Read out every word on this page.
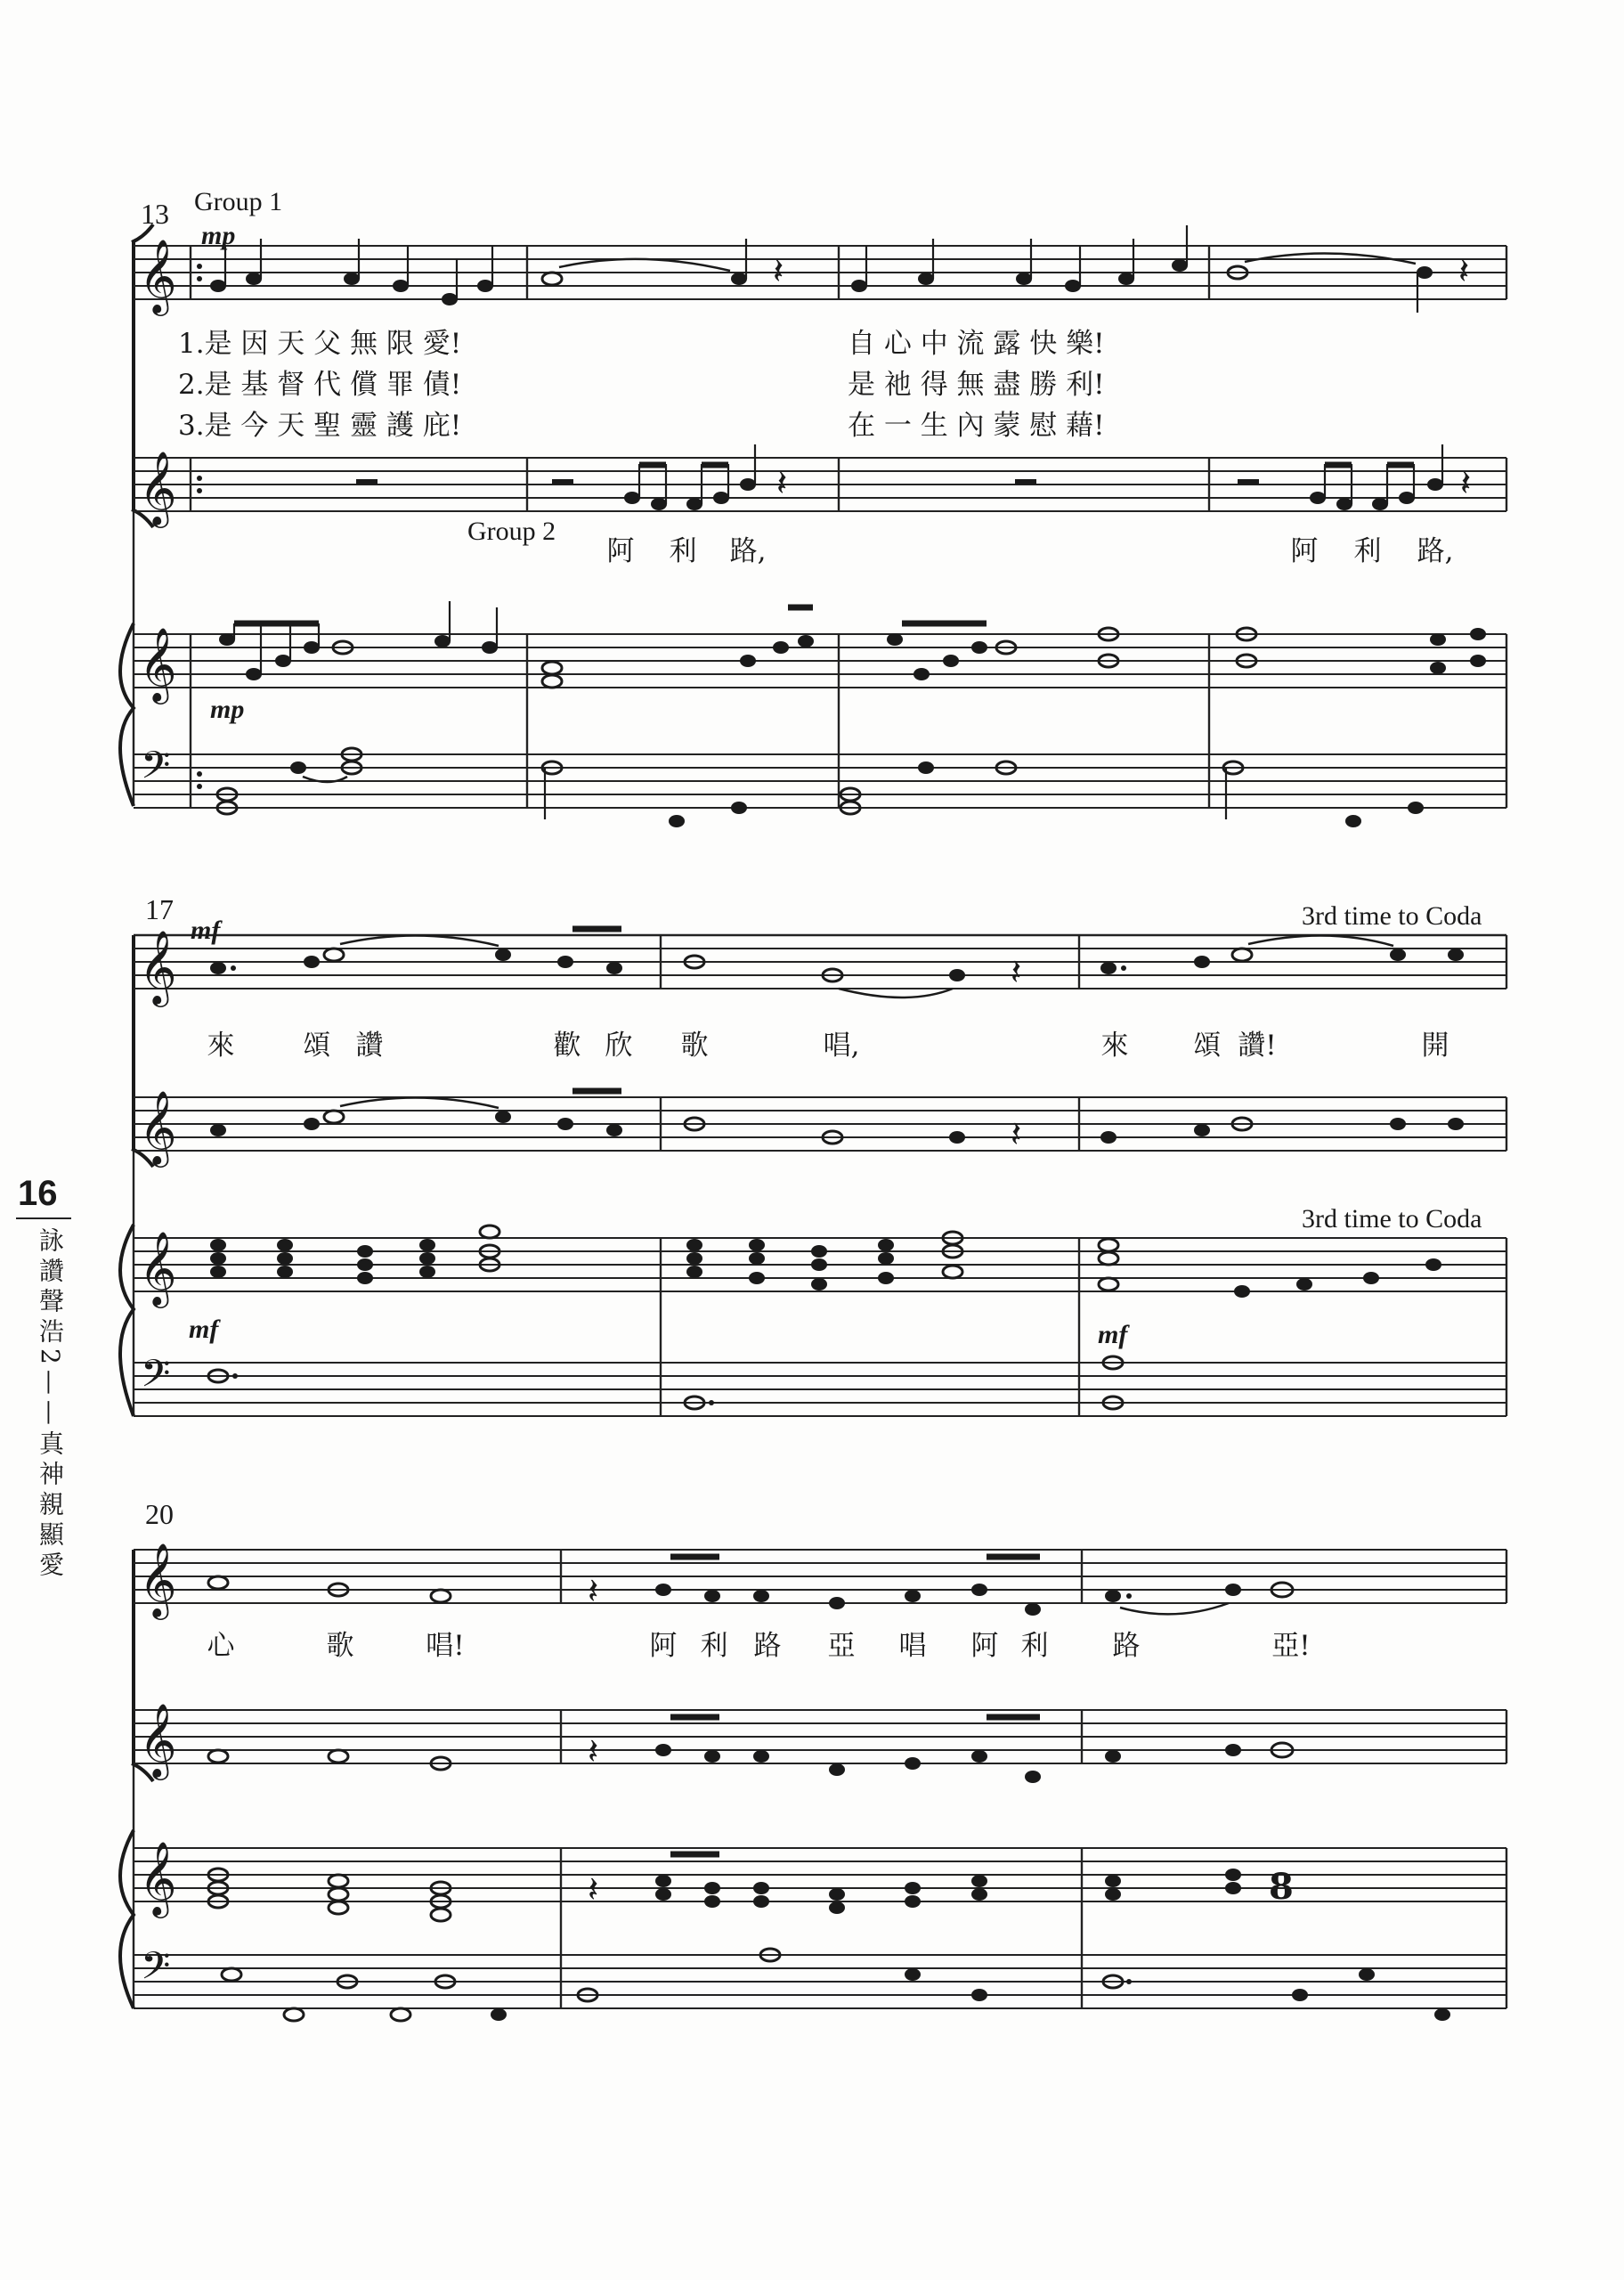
𝄞	𝄽	𝄽
𝄞	𝄽	𝄽
𝄞
𝄢
𝄞	𝄽
𝄞	𝄽
𝄞
𝄢
𝄞	𝄽
𝄞	𝄽
𝄞	𝄽	8
𝄢
13 Group 1
mp
1.是 因 天 父 無 限 愛!
2.是 基 督 代 償 罪 債!
3.是 今 天 聖 靈 護 庇!
自 心 中 流 露 快 樂!
是 祂 得 無 盡 勝 利!
在 一 生 內 蒙 慰 藉!
Group 2
阿 利 路,	阿 利 路,
mp
17
mf	3rd time to Coda
來 頌 讚	歡 欣 歌	唱,	來 頌 讚!	開
3rd time to Coda
mf	mf
20
心	歌	唱!	阿 利 路 亞 唱 阿 利 路	亞!
16
詠讚聲浩2——真神親顯愛
